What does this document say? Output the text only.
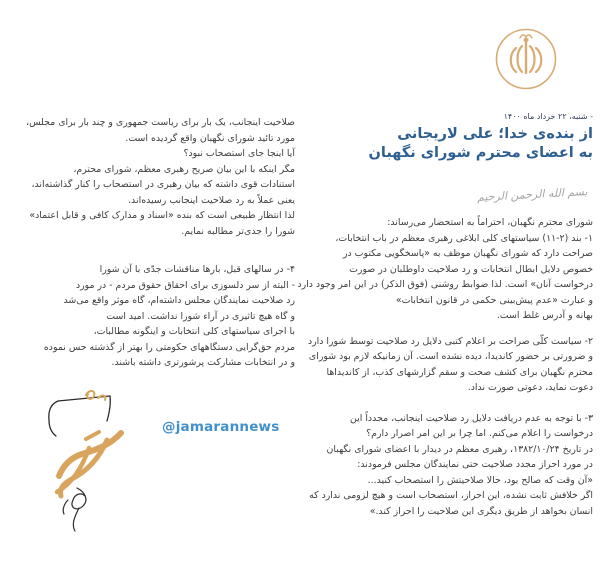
- شنبه، ۲۲ خرداد ماه ۱۴۰۰
از بنده‌ی خدا؛ علی لاریجانی
به اعضای محترم شورای نگهبان
بسم الله الرحمن الرحیم
شورای محترم نگهبان، احتراماً به استحضار می‌رساند:
۱- بند (۲-۱۱) سیاستهای کلی ابلاغی رهبری معظم در باب انتخابات،
صراحت دارد که شورای نگهبان موظف به «پاسخگویی مکتوب در
خصوص دلایل ابطال انتخابات و رد صلاحیت داوطلبان در صورت
درخواست آنان» است. لذا ضوابط روشنی (فوق الذکر) در این امر وجود دارد
و عبارت «عدم پیش‌بینی حکمی در قانون انتخابات»
بهانه و آدرس غلط است.
۲- سیاست کلّی صراحت بر اعلام کتبی دلایل رد صلاحیت توسط شورا دارد
و ضرورتی بر حضور کاندیدا، دیده نشده است. آن زمانیکه لازم بود شورای
محترم نگهبان برای کشف صحت و سقم گزارشهای کذب، از کاندیداها
دعوت نماید، دعوتی صورت نداد.
۳- با توجه به عدم دریافت دلایل رد صلاحیت اینجانب، مجدداً این
درخواست را اعلام می‌کنم. اما چرا بر این امر اصرار دارم؟
در تاریخ ۱۳۸۲/۱۰/۲۴، رهبری معظم در دیدار با اعضای شورای نگهبان
در مورد احراز مجدد صلاحیت حتی نمایندگان مجلس فرمودند:
«آن وقت که صالح بود، حالا صلاحیتش را استصحاب کنید...
اگر خلافش ثابت نشده، این احراز، استصحاب است و هیچ لزومی ندارد که
انسان بخواهد از طریق دیگری این صلاحیت را احراز کند.»
صلاحیت اینجانب، یک بار برای ریاست جمهوری و چند بار برای مجلس،
مورد تائید شورای نگهبان واقع گردیده است.
آیا اینجا جای استصحاب نبود؟
مگر اینکه با این بیان صریح رهبری معظم، شورای محترم،
استنادات قوی داشته که بیان رهبری در استصحاب را کنار گذاشته‌اند،
یعنی عملاً به رد صلاحیت اینجانب رسیده‌اند.
لذا انتظار طبیعی است که بنده «اسناد و مدارک کافی و قابل اعتماد»
شورا را جدی‌تر مطالبه نمایم.
۴- در سالهای قبل، بارها مناقشات جدّی با آن شورا
- البته از سر دلسوزی برای احقاق حقوق مردم - در مورد
رد صلاحیت نمایندگان مجلس داشته‌ام، گاه موثر واقع می‌شد
و گاه هیچ تاثیری در آراء شورا نداشت. امید است
با اجرای سیاستهای کلی انتخابات و اینگونه مطالبات،
مردم حق‌گرایی دستگاههای حکومتی را بهتر از گذشته حس نموده
و در انتخابات مشارکت پرشورتری داشته باشند.
@jamarannews
